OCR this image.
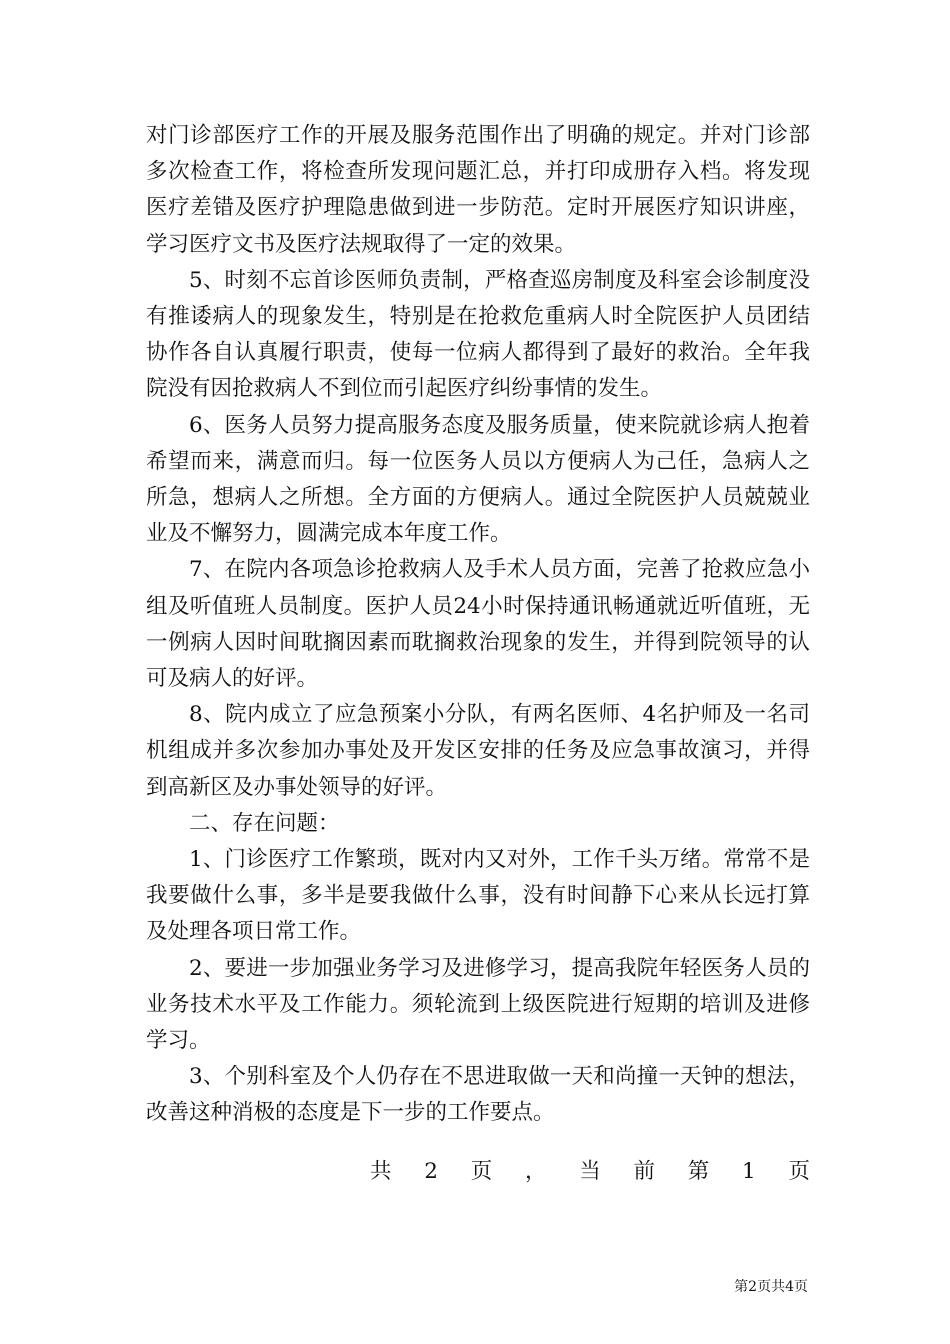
对门诊部医疗工作的开展及服务范围作出了明确的规定。并对门诊部多次检查工作，将检查所发现问题汇总，并打印成册存入档。将发现医疗差错及医疗护理隐患做到进一步防范。定时开展医疗知识讲座，学习医疗文书及医疗法规取得了一定的效果。

5、时刻不忘首诊医师负责制，严格查巡房制度及科室会诊制度没有推诿病人的现象发生，特别是在抢救危重病人时全院医护人员团结协作各自认真履行职责，使每一位病人都得到了最好的救治。全年我院没有因抢救病人不到位而引起医疗纠纷事情的发生。

6、医务人员努力提高服务态度及服务质量，使来院就诊病人抱着希望而来，满意而归。每一位医务人员以方便病人为己任，急病人之所急，想病人之所想。全方面的方便病人。通过全院医护人员兢兢业业及不懈努力，圆满完成本年度工作。

7、在院内各项急诊抢救病人及手术人员方面，完善了抢救应急小组及听值班人员制度。医护人员24小时保持通讯畅通就近听值班，无一例病人因时间耽搁因素而耽搁救治现象的发生，并得到院领导的认可及病人的好评。

8、院内成立了应急预案小分队，有两名医师、4名护师及一名司机组成并多次参加办事处及开发区安排的任务及应急事故演习，并得到高新区及办事处领导的好评。

二、存在问题：

1、门诊医疗工作繁琐，既对内又对外，工作千头万绪。常常不是我要做什么事，多半是要我做什么事，没有时间静下心来从长远打算及处理各项日常工作。

2、要进一步加强业务学习及进修学习，提高我院年轻医务人员的业务技术水平及工作能力。须轮流到上级医院进行短期的培训及进修学习。

3、个别科室及个人仍存在不思进取做一天和尚撞一天钟的想法，改善这种消极的态度是下一步的工作要点。

共 2 页 ， 当 前 第 1 页
第2页共4页
